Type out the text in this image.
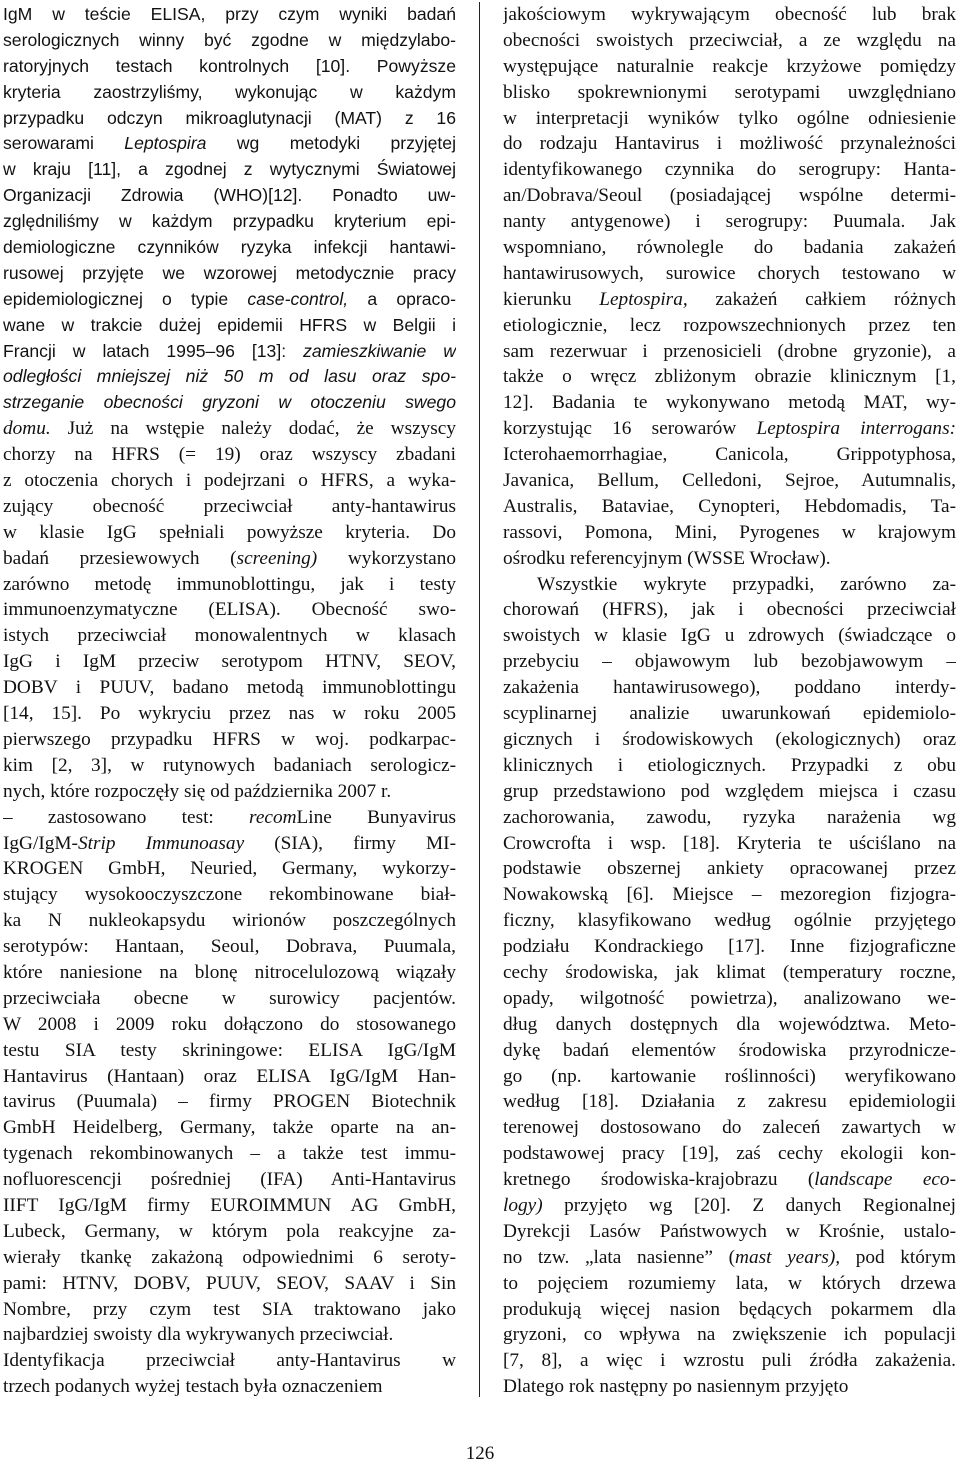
IgM w teście ELISA, przy czym wyniki badań
serologicznych winny być zgodne w międzylabo-
ratoryjnych testach kontrolnych [10]. Powyższe
kryteria zaostrzyliśmy, wykonując w każdym
przypadku odczyn mikroaglutynacji (MAT) z 16
serowarami Leptospira wg metodyki przyjętej
w kraju [11], a zgodnej z wytycznymi Światowej
Organizacji Zdrowia (WHO)[12]. Ponadto uw-
zględniliśmy w każdym przypadku kryterium epi-
demiologiczne czynników ryzyka infekcji hantawi-
rusowej przyjęte we wzorowej metodycznie pracy
epidemiologicznej o typie case-control, a opraco-
wane w trakcie dużej epidemii HFRS w Belgii i
Francji w latach 1995–96 [13]: zamieszkiwanie w
odległości mniejszej niż 50 m od lasu oraz spo-
strzeganie obecności gryzoni w otoczeniu swego
domu. Już na wstępie należy dodać, że wszyscy
chorzy na HFRS (= 19) oraz wszyscy zbadani
z otoczenia chorych i podejrzani o HFRS, a wyka-
zujący obecność przeciwciał anty-hantawirus
w klasie IgG spełniali powyższe kryteria. Do
badań przesiewowych (screening) wykorzystano
zarówno metodę immunoblottingu, jak i testy
immunoenzymatyczne (ELISA). Obecność swo-
istych przeciwciał monowalentnych w klasach
IgG i IgM przeciw serotypom HTNV, SEOV,
DOBV i PUUV, badano metodą immunoblottingu
[14, 15]. Po wykryciu przez nas w roku 2005
pierwszego przypadku HFRS w woj. podkarpac-
kim [2, 3], w rutynowych badaniach serologicz-
nych, które rozpoczęły się od października 2007 r.
– zastosowano test: recomLine Bunyavirus
IgG/IgM-Strip Immunoasay (SIA), firmy MI-
KROGEN GmbH, Neuried, Germany, wykorzy-
stujący wysokooczyszczone rekombinowane biał-
ka N nukleokapsydu wirionów poszczególnych
serotypów: Hantaan, Seoul, Dobrava, Puumala,
które naniesione na blonę nitrocelulozową wiązały
przeciwciała obecne w surowicy pacjentów.
W 2008 i 2009 roku dołączono do stosowanego
testu SIA testy skriningowe: ELISA IgG/IgM
Hantavirus (Hantaan) oraz ELISA IgG/IgM Han-
tavirus (Puumala) – firmy PROGEN Biotechnik
GmbH Heidelberg, Germany, także oparte na an-
tygenach rekombinowanych – a także test immu-
nofluorescencji pośredniej (IFA) Anti-Hantavirus
IIFT IgG/IgM firmy EUROIMMUN AG GmbH,
Lubeck, Germany, w którym pola reakcyjne za-
wierały tkankę zakażoną odpowiednimi 6 seroty-
pami: HTNV, DOBV, PUUV, SEOV, SAAV i Sin
Nombre, przy czym test SIA traktowano jako
najbardziej swoisty dla wykrywanych przeciwciał.
Identyfikacja przeciwciał anty-Hantavirus w
trzech podanych wyżej testach była oznaczeniem
jakościowym wykrywającym obecność lub brak
obecności swoistych przeciwciał, a ze względu na
występujące naturalnie reakcje krzyżowe pomiędzy
blisko spokrewnionymi serotypami uwzględniano
w interpretacji wyników tylko ogólne odniesienie
do rodzaju Hantavirus i możliwość przynależności
identyfikowanego czynnika do serogrupy: Hanta-
an/Dobrava/Seoul (posiadającej wspólne determi-
nanty antygenowe) i serogrupy: Puumala. Jak
wspomniano, równolegle do badania zakażeń
hantawirusowych, surowice chorych testowano w
kierunku Leptospira, zakażeń całkiem różnych
etiologicznie, lecz rozpowszechnionych przez ten
sam rezerwuar i przenosicieli (drobne gryzonie), a
także o wręcz zbliżonym obrazie klinicznym [1,
12]. Badania te wykonywano metodą MAT, wy-
korzystując 16 serowarów Leptospira interrogans:
Icterohaemorrhagiae, Canicola, Grippotyphosa,
Javanica, Bellum, Celledoni, Sejroe, Autumnalis,
Australis, Bataviae, Cynopteri, Hebdomadis, Ta-
rassovi, Pomona, Mini, Pyrogenes w krajowym
ośrodku referencyjnym (WSSE Wrocław).
Wszystkie wykryte przypadki, zarówno za-
chorowań (HFRS), jak i obecności przeciwciał
swoistych w klasie IgG u zdrowych (świadczące o
przebyciu – objawowym lub bezobjawowym –
zakażenia hantawirusowego), poddano interdy-
scyplinarnej analizie uwarunkowań epidemiolo-
gicznych i środowiskowych (ekologicznych) oraz
klinicznych i etiologicznych. Przypadki z obu
grup przedstawiono pod względem miejsca i czasu
zachorowania, zawodu, ryzyka narażenia wg
Crowcrofta i wsp. [18]. Kryteria te uściślano na
podstawie obszernej ankiety opracowanej przez
Nowakowską [6]. Miejsce – mezoregion fizjogra-
ficzny, klasyfikowano według ogólnie przyjętego
podziału Kondrackiego [17]. Inne fizjograficzne
cechy środowiska, jak klimat (temperatury roczne,
opady, wilgotność powietrza), analizowano we-
dług danych dostępnych dla województwa. Meto-
dykę badań elementów środowiska przyrodnicze-
go (np. kartowanie roślinności) weryfikowano
według [18]. Działania z zakresu epidemiologii
terenowej dostosowano do zaleceń zawartych w
podstawowej pracy [19], zaś cechy ekologii kon-
kretnego środowiska-krajobrazu (landscape eco-
logy) przyjęto wg [20]. Z danych Regionalnej
Dyrekcji Lasów Państwowych w Krośnie, ustalo-
no tzw. „lata nasienne” (mast years), pod którym
to pojęciem rozumiemy lata, w których drzewa
produkują więcej nasion będących pokarmem dla
gryzoni, co wpływa na zwiększenie ich populacji
[7, 8], a więc i wzrostu puli źródła zakażenia.
Dlatego rok następny po nasiennym przyjęto
126
